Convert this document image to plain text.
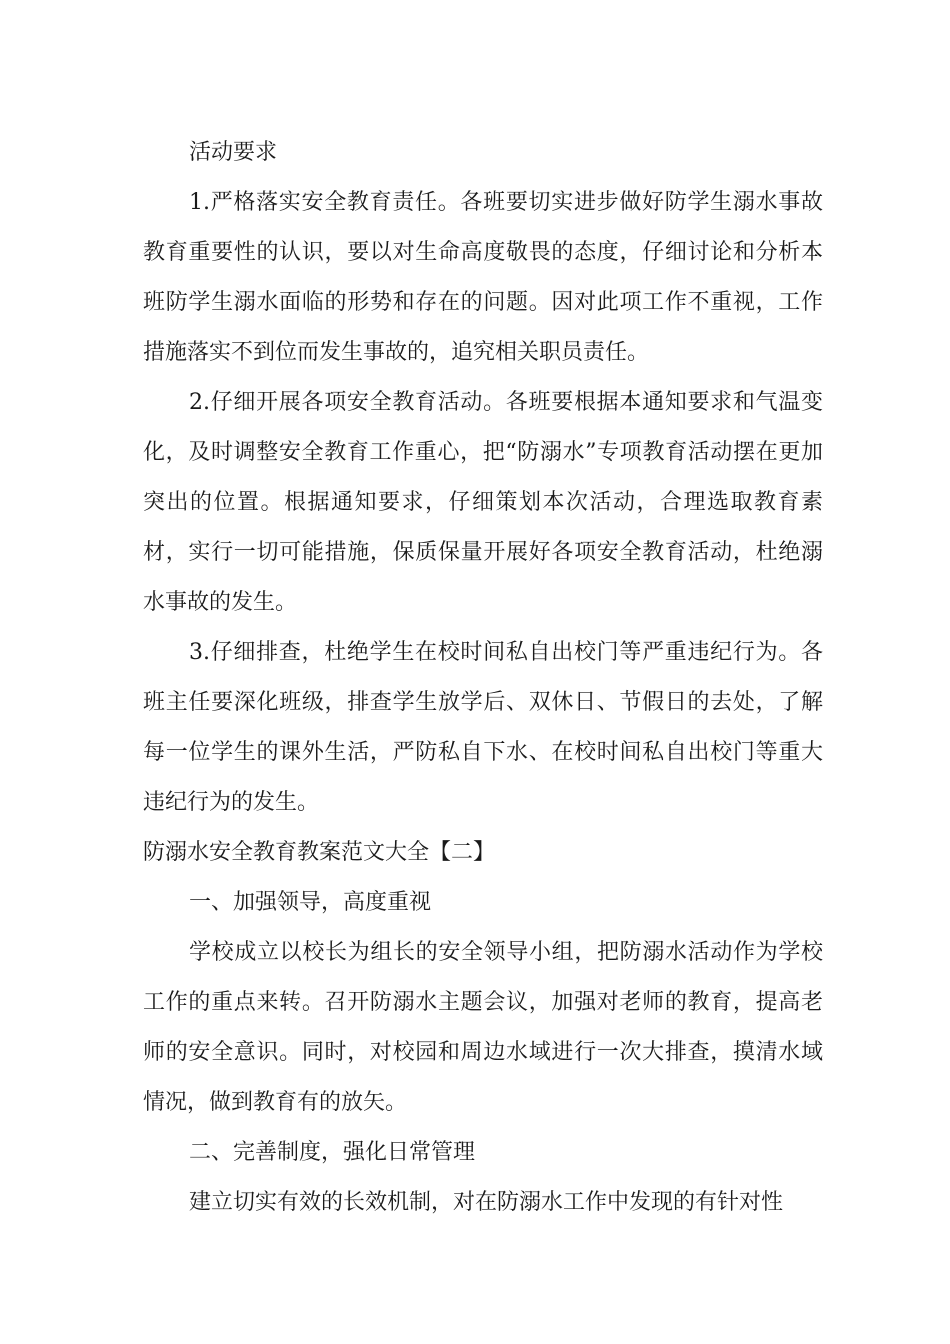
活动要求

1.严格落实安全教育责任。各班要切实进步做好防学生溺水事故教育重要性的认识，要以对生命高度敬畏的态度，仔细讨论和分析本班防学生溺水面临的形势和存在的问题。因对此项工作不重视，工作措施落实不到位而发生事故的，追究相关职员责任。

2.仔细开展各项安全教育活动。各班要根据本通知要求和气温变化，及时调整安全教育工作重心，把“防溺水”专项教育活动摆在更加突出的位置。根据通知要求，仔细策划本次活动，合理选取教育素材，实行一切可能措施，保质保量开展好各项安全教育活动，杜绝溺水事故的发生。

3.仔细排查，杜绝学生在校时间私自出校门等严重违纪行为。各班主任要深化班级，排查学生放学后、双休日、节假日的去处，了解每一位学生的课外生活，严防私自下水、在校时间私自出校门等重大违纪行为的发生。

防溺水安全教育教案范文大全【二】

一、加强领导，高度重视

学校成立以校长为组长的安全领导小组，把防溺水活动作为学校工作的重点来转。召开防溺水主题会议，加强对老师的教育，提高老师的安全意识。同时，对校园和周边水域进行一次大排查，摸清水域情况，做到教育有的放矢。

二、完善制度，强化日常管理

建立切实有效的长效机制，对在防溺水工作中发现的有针对性
